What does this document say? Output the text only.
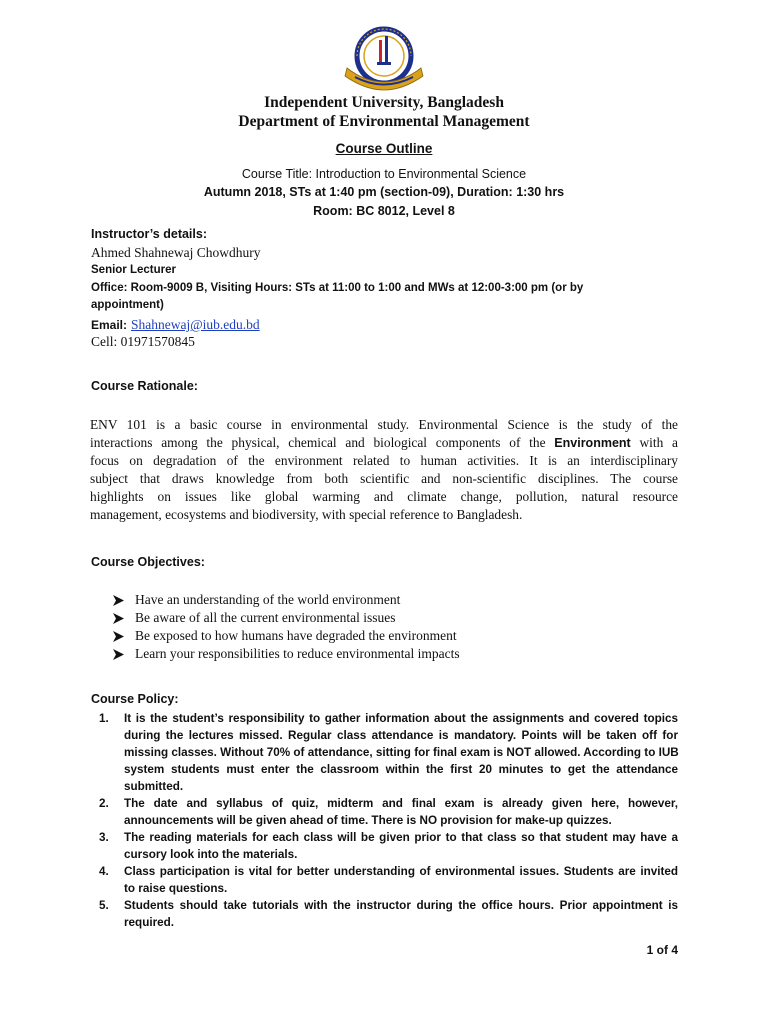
Independent University, Bangladesh
Department of Environmental Management
Course Outline
Course Title: Introduction to Environmental Science
Autumn 2018, STs at 1:40 pm (section-09), Duration: 1:30 hrs
Room: BC 8012, Level 8
Instructor’s details:
Ahmed Shahnewaj Chowdhury
Senior Lecturer
Office: Room-9009 B, Visiting Hours: STs at 11:00 to 1:00 and MWs at 12:00-3:00 pm (or by
appointment)
Email: Shahnewaj@iub.edu.bd
Cell: 01971570845
Course Rationale:
ENV 101 is a basic course in environmental study. Environmental Science is the study of the
interactions among the physical, chemical and biological components of the Environment with a
focus on degradation of the environment related to human activities. It is an interdisciplinary
subject that draws knowledge from both scientific and non-scientific disciplines. The course
highlights on issues like global warming and climate change, pollution, natural resource
management, ecosystems and biodiversity, with special reference to Bangladesh.
Course Objectives:
Have an understanding of the world environment
Be aware of all the current environmental issues
Be exposed to how humans have degraded the environment
Learn your responsibilities to reduce environmental impacts
Course Policy:
1. It is the student’s responsibility to gather information about the assignments and covered topics
during the lectures missed. Regular class attendance is mandatory. Points will be taken off for
missing classes. Without 70% of attendance, sitting for final exam is NOT allowed. According to IUB
system students must enter the classroom within the first 20 minutes to get the attendance
submitted.
2. The date and syllabus of quiz, midterm and final exam is already given here, however,
announcements will be given ahead of time. There is NO provision for make-up quizzes.
3. The reading materials for each class will be given prior to that class so that student may have a
cursory look into the materials.
4. Class participation is vital for better understanding of environmental issues. Students are invited
to raise questions.
5. Students should take tutorials with the instructor during the office hours. Prior appointment is
required.
1 of 4
